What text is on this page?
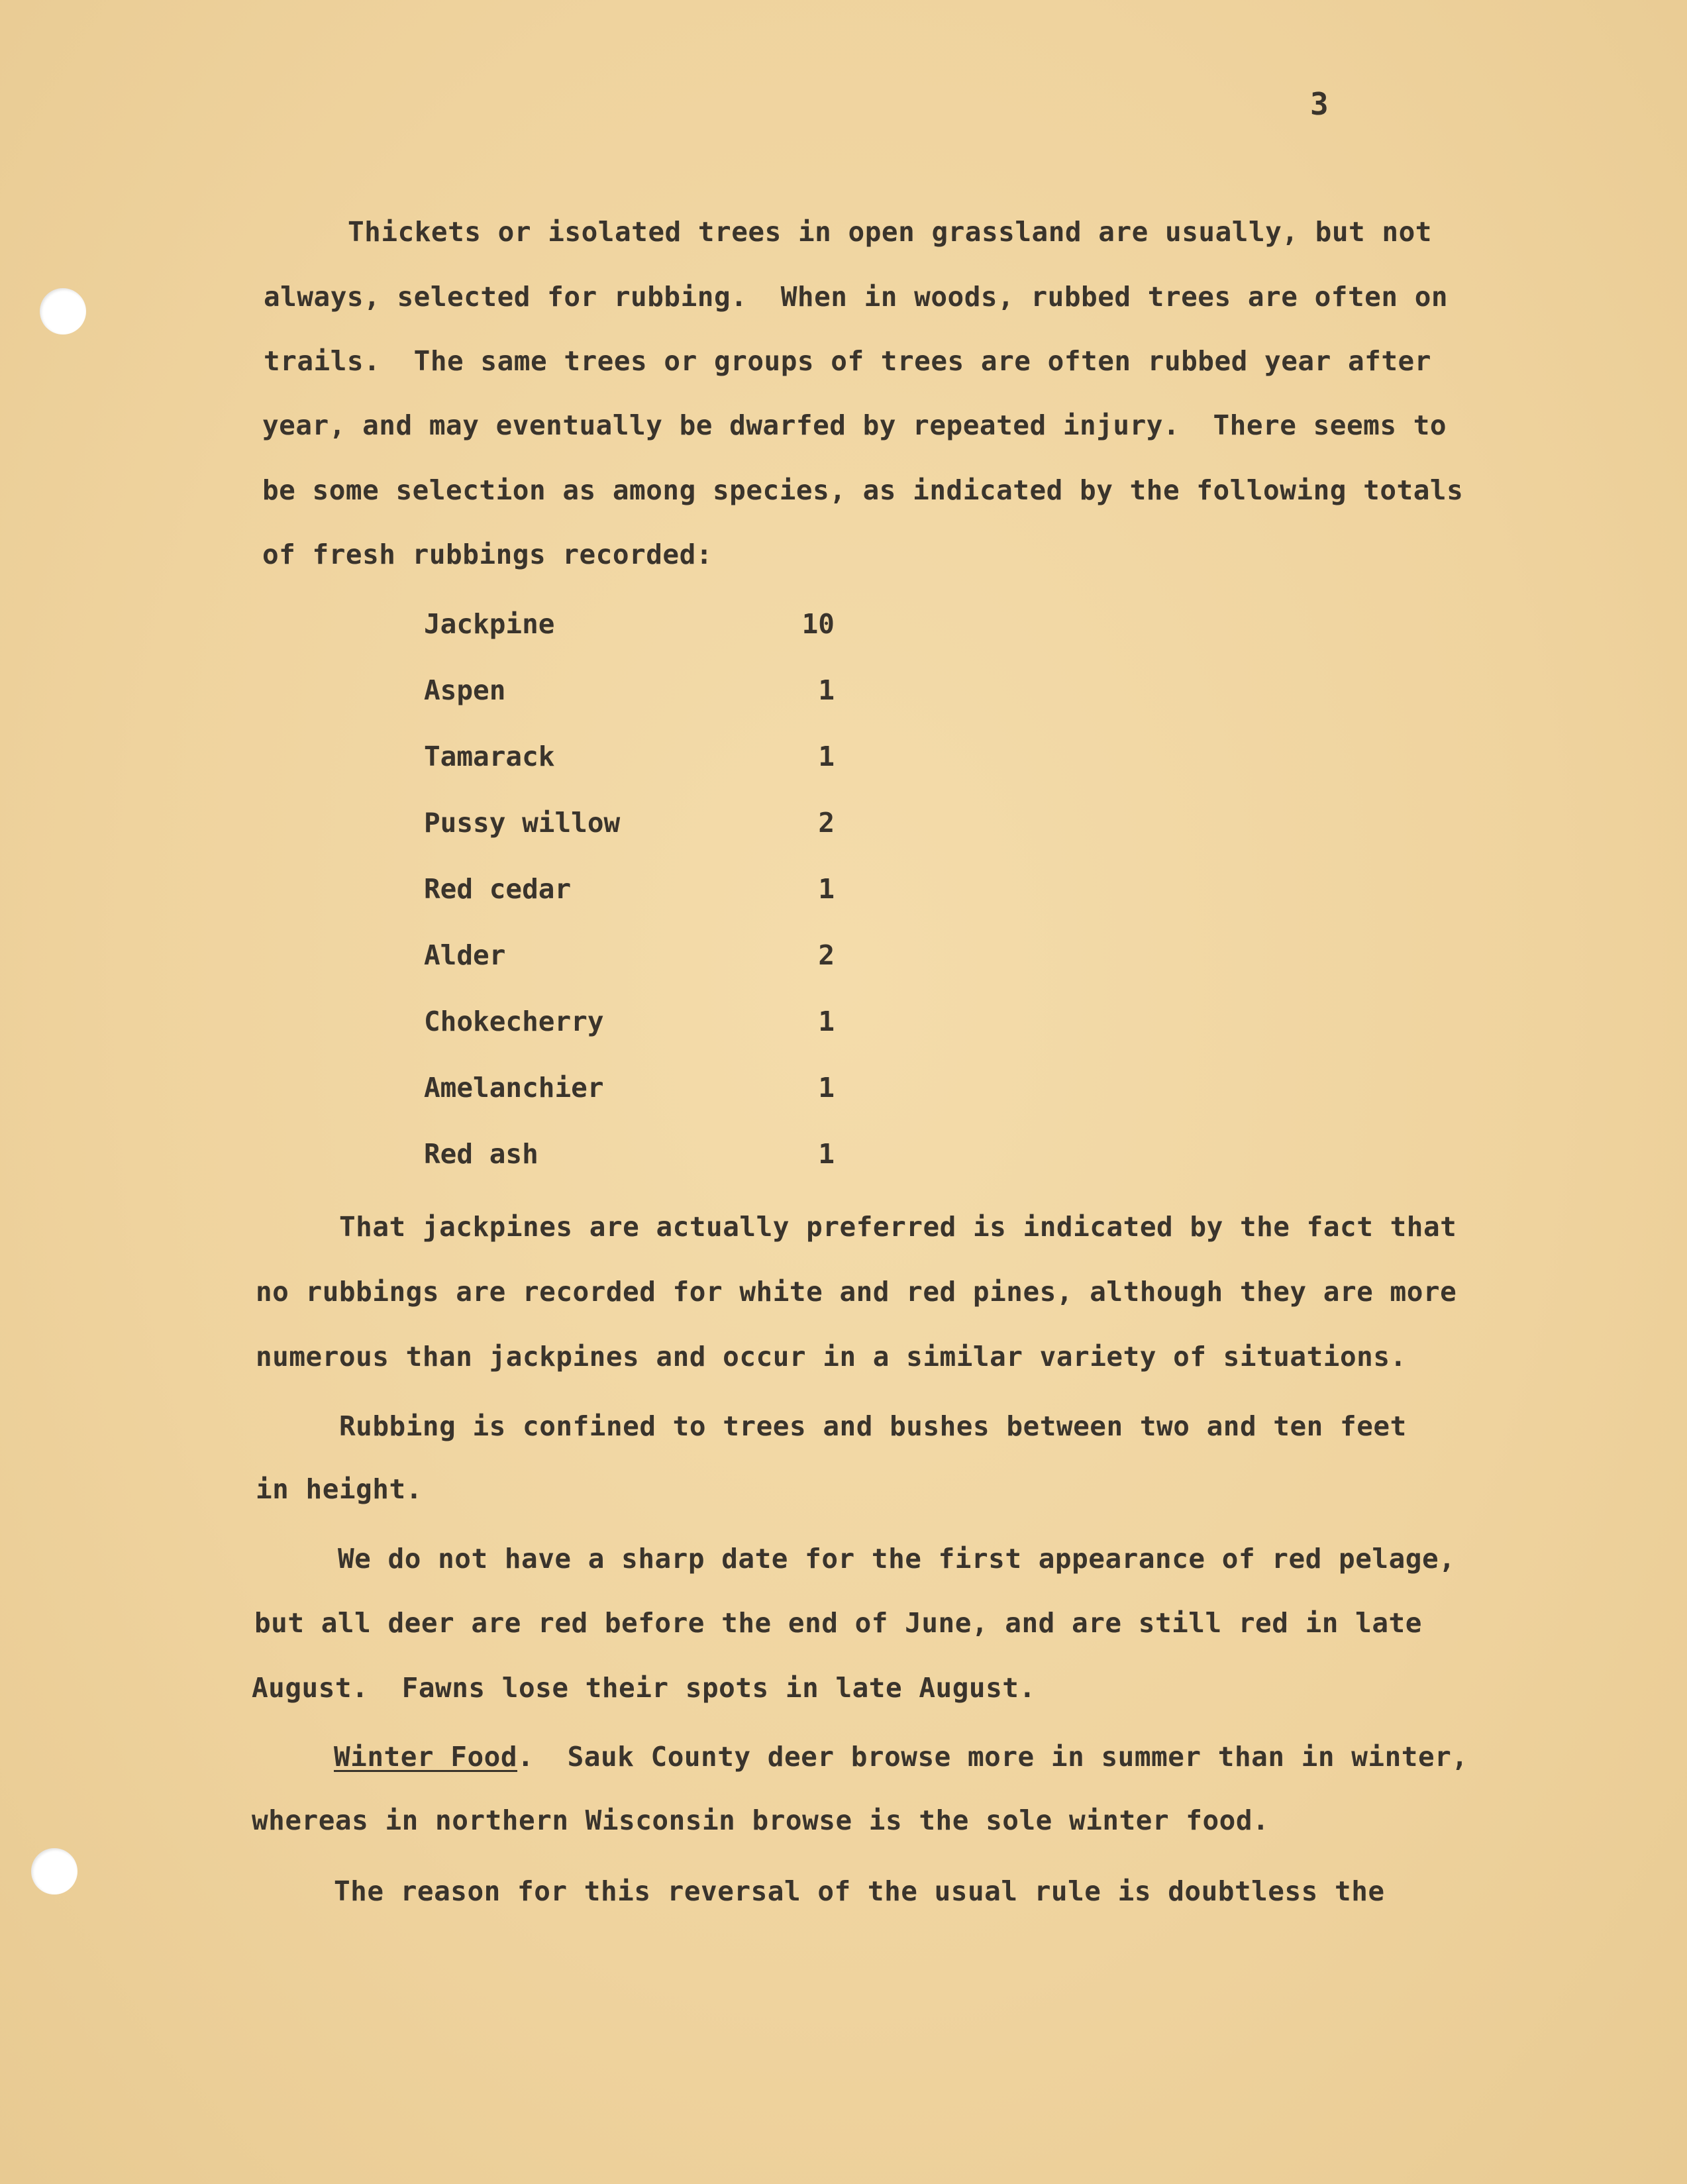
3
Thickets or isolated trees in open grassland are usually, but not
always, selected for rubbing.  When in woods, rubbed trees are often on
trails.  The same trees or groups of trees are often rubbed year after
year, and may eventually be dwarfed by repeated injury.  There seems to
be some selection as among species, as indicated by the following totals
of fresh rubbings recorded:
Jackpine	10
Aspen	1
Tamarack	1
Pussy willow	2
Red cedar	1
Alder	2
Chokecherry	1
Amelanchier	1
Red ash	1
That jackpines are actually preferred is indicated by the fact that
no rubbings are recorded for white and red pines, although they are more
numerous than jackpines and occur in a similar variety of situations.
Rubbing is confined to trees and bushes between two and ten feet
in height.
We do not have a sharp date for the first appearance of red pelage,
but all deer are red before the end of June, and are still red in late
August.  Fawns lose their spots in late August.
Winter Food.  Sauk County deer browse more in summer than in winter,
whereas in northern Wisconsin browse is the sole winter food.
The reason for this reversal of the usual rule is doubtless the
